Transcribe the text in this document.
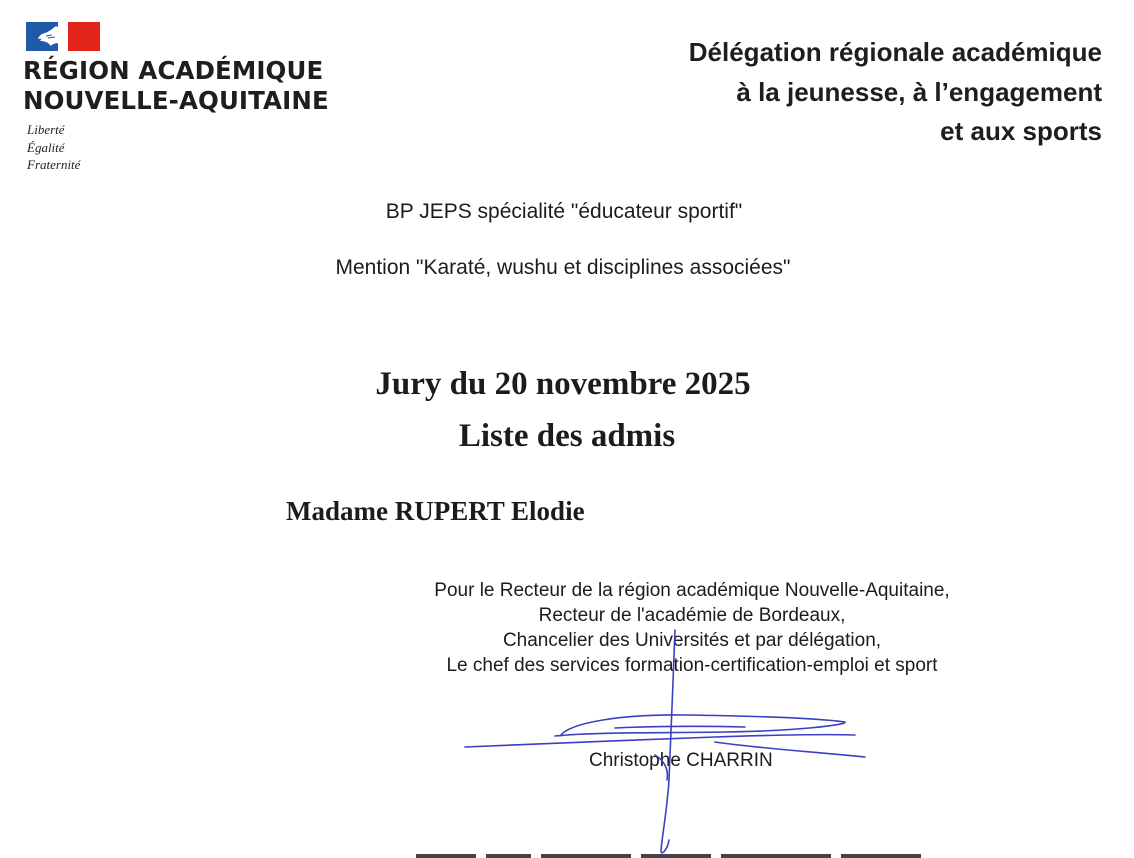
RÉGION ACADÉMIQUE
NOUVELLE-AQUITAINE
Liberté
Égalité
Fraternité
Délégation régionale académique
à la jeunesse, à l’engagement
et aux sports
BP JEPS spécialité "éducateur sportif"
Mention "Karaté, wushu et disciplines associées"
Jury du 20 novembre 2025
Liste des admis
Madame RUPERT Elodie
Pour le Recteur de la région académique Nouvelle-Aquitaine,
Recteur de l'académie de Bordeaux,
Chancelier des Universités et par délégation,
Le chef des services formation-certification-emploi et sport
Christophe CHARRIN
